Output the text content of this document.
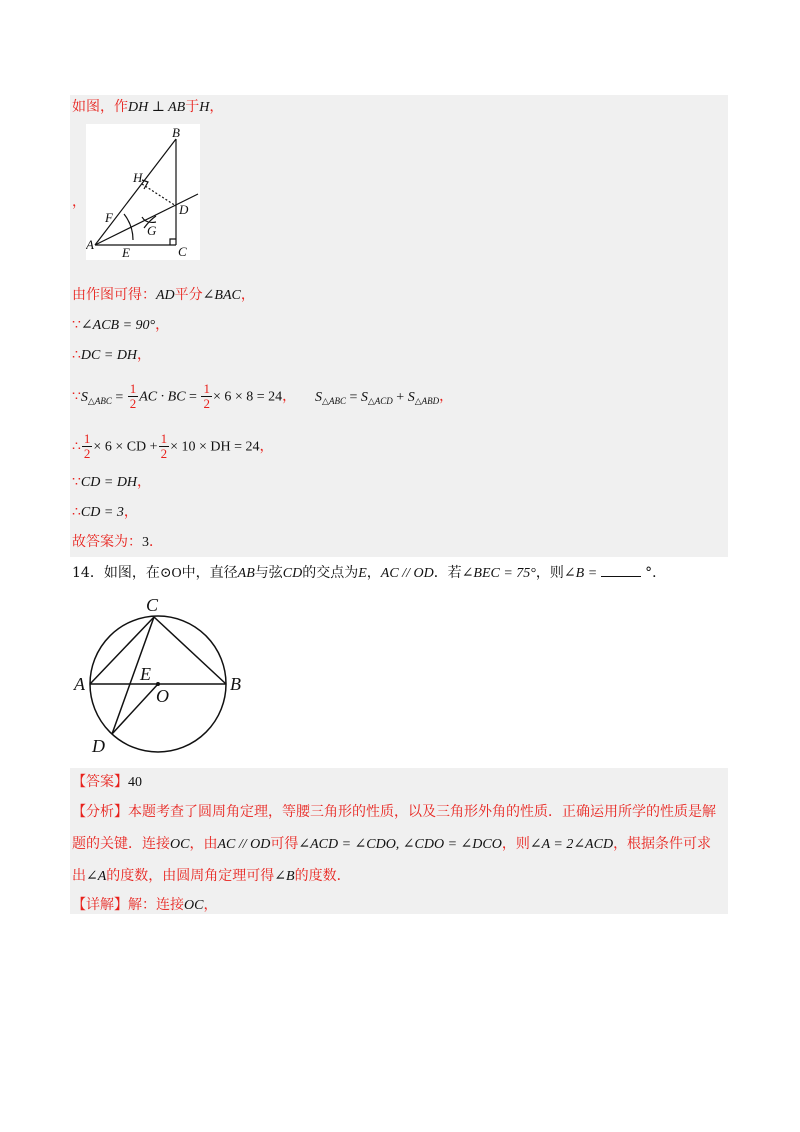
如图，作DH ⊥ AB于H，
，
B
H
D
F
G
A
E	C
由作图可得：AD平分∠BAC，
∵∠ACB = 90°，
∴DC = DH，
$\because S_{\triangle ABC} = \frac{1}{2}$ AC · BC = $\frac{1}{2} \times 6 \times 8 = 24$， $S_{\triangle ABC} = S_{\triangle ACD} + S_{\triangle ABD}$，
∴ $\frac{1}{2} \times 6$ × CD + $\frac{1}{2} \times 10$ × DH = 24，
∵CD = DH，
∴CD = 3，
故答案为：3．
14．如图，在⊙O中，直径AB与弦CD的交点为E，AC // OD．若∠BEC = 75°，则∠B =	°．
C
A	E
O
B
D
【答案】40
【分析】本题考查了圆周角定理，等腰三角形的性质，以及三角形外角的性质．正确运用所学的性质是解
题的关键．连接OC，由AC // OD可得∠ACD = ∠CDO, ∠CDO = ∠DCO，则∠A = 2∠ACD，根据条件可求
出∠A的度数，由圆周角定理可得∠B的度数．
【详解】解：连接OC，
